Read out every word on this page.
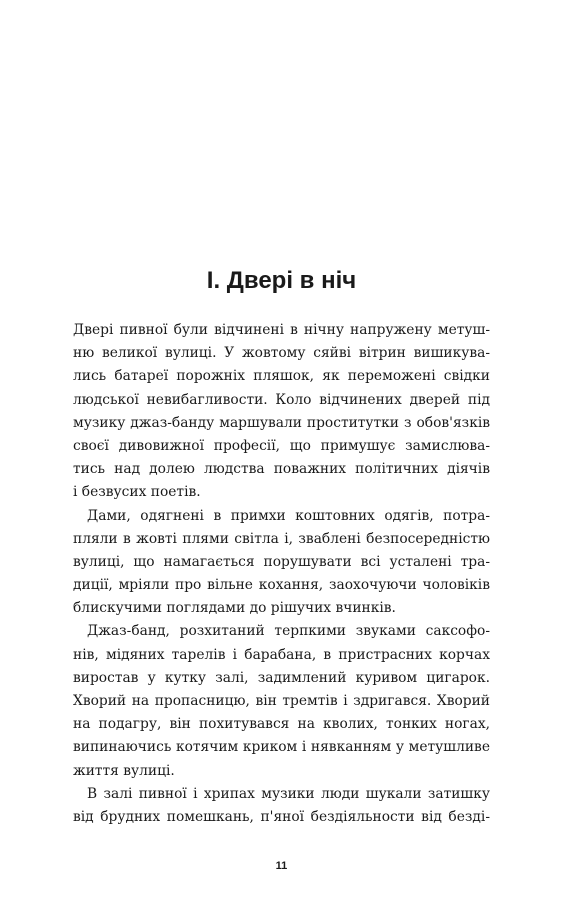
I. Двері в ніч
Двері пивної були відчинені в нічну напружену метуш-
ню великої вулиці. У жовтому сяйві вітрин вишикува-
лись батареї порожніх пляшок, як переможені свідки
людської невибагливости. Коло відчинених дверей під
музику джаз-банду маршували проститутки з обов'язків
своєї дивовижної професії, що примушує замислюва-
тись над долею людства поважних політичних діячів
і безвусих поетів.
Дами, одягнені в примхи коштовних одягів, потра-
пляли в жовті плями світла і, зваблені безпосередністю
вулиці, що намагається порушувати всі усталені тра-
диції, мріяли про вільне кохання, заохочуючи чоловіків
блискучими поглядами до рішучих вчинків.
Джаз-банд, розхитаний терпкими звуками саксофо-
нів, мідяних тарелів і барабана, в пристрасних корчах
виростав у кутку залі, задимлений куривом цигарок.
Хворий на пропасницю, він тремтів і здригався. Хворий
на подагру, він похитувався на кволих, тонких ногах,
випинаючись котячим криком і нявканням у метушливе
життя вулиці.
В залі пивної і хрипах музики люди шукали затишку
від брудних помешкань, п'яної бездіяльности від безді-
11
